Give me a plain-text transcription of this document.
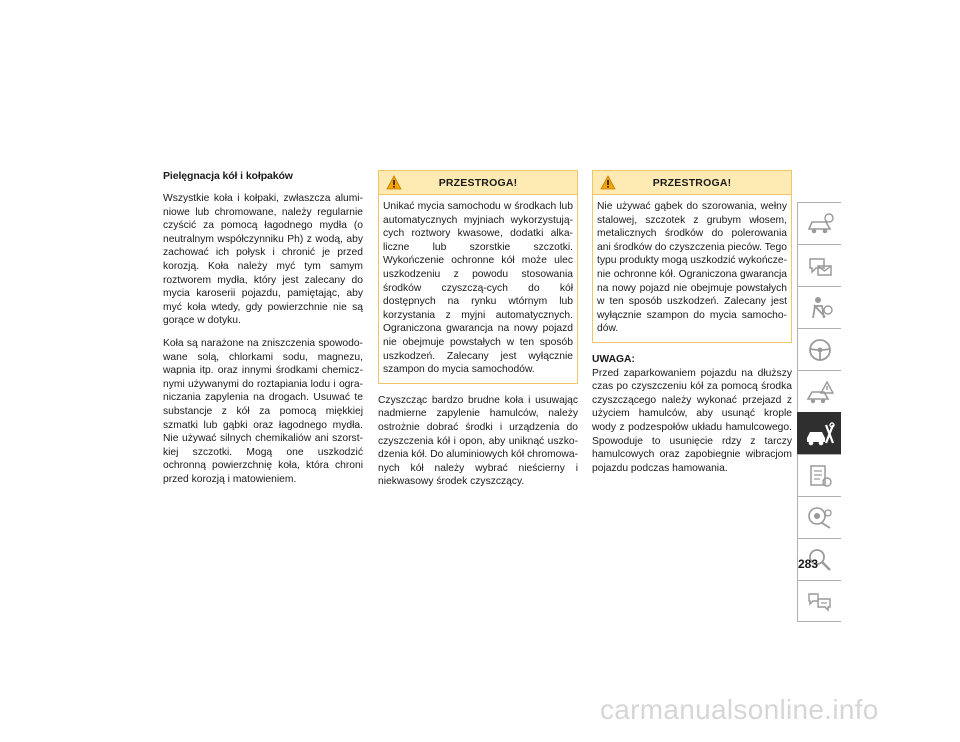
Pielęgnacja kół i kołpaków

Wszystkie koła i kołpaki, zwłaszcza alumi-niowe lub chromowane, należy regularnie czyścić za pomocą łagodnego mydła (o neutralnym współczynniku Ph) z wodą, aby zachować ich połysk i chronić je przed korozją. Koła należy myć tym samym roztworem mydła, który jest zalecany do mycia karoserii pojazdu, pamiętając, aby myć koła wtedy, gdy powierzchnie nie są gorące w dotyku.

Koła są narażone na zniszczenia spowodo-wane solą, chlorkami sodu, magnezu, wapnia itp. oraz innymi środkami chemicz-nymi używanymi do roztapiania lodu i ogra-niczania zapylenia na drogach. Usuwać te substancje z kół za pomocą miękkiej szmatki lub gąbki oraz łagodnego mydła. Nie używać silnych chemikaliów ani szorst-kiej szczotki. Mogą one uszkodzić ochronną powierzchnię koła, która chroni przed korozją i matowieniem.

PRZESTROGA!
Unikać mycia samochodu w środkach lub automatycznych myjniach wykorzystują-cych roztwory kwasowe, dodatki alka-liczne lub szorstkie szczotki. Wykończenie ochronne kół może ulec uszkodzeniu z powodu stosowania środków czyszczą-cych do kół dostępnych na rynku wtórnym lub korzystania z myjni automatycznych. Ograniczona gwarancja na nowy pojazd nie obejmuje powstałych w ten sposób uszkodzeń. Zalecany jest wyłącznie szampon do mycia samochodów.

Czyszcząc bardzo brudne koła i usuwając nadmierne zapylenie hamulców, należy ostrożnie dobrać środki i urządzenia do czyszczenia kół i opon, aby uniknąć uszko-dzenia kół. Do aluminiowych kół chromowa-nych kół należy wybrać nieścierny i niekwasowy środek czyszczący.

PRZESTROGA!
Nie używać gąbek do szorowania, wełny stalowej, szczotek z grubym włosem, metalicznych środków do polerowania ani środków do czyszczenia pieców. Tego typu produkty mogą uszkodzić wykończe-nie ochronne kół. Ograniczona gwarancja na nowy pojazd nie obejmuje powstałych w ten sposób uszkodzeń. Zalecany jest wyłącznie szampon do mycia samocho-dów.
UWAGA:

Przed zaparkowaniem pojazdu na dłuższy czas po czyszczeniu kół za pomocą środka czyszczącego należy wykonać przejazd z użyciem hamulców, aby usunąć krople wody z podzespołów układu hamulcowego. Spowoduje to usunięcie rdzy z tarczy hamulcowych oraz zapobiegnie wibracjom pojazdu podczas hamowania.

283
carmanualsonline.info
